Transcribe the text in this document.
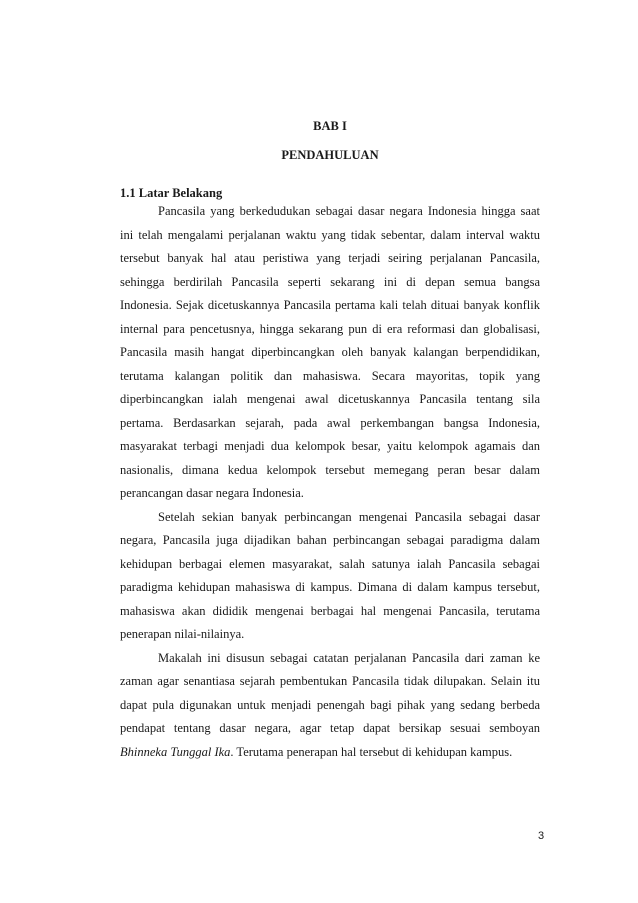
BAB I
PENDAHULUAN
1.1 Latar Belakang
Pancasila yang berkedudukan sebagai dasar negara Indonesia hingga saat
ini telah mengalami perjalanan waktu yang tidak sebentar, dalam interval waktu
tersebut banyak hal atau peristiwa yang terjadi seiring perjalanan Pancasila,
sehingga berdirilah Pancasila seperti sekarang ini di depan semua bangsa
Indonesia. Sejak dicetuskannya Pancasila pertama kali telah dituai banyak konflik
internal para pencetusnya, hingga sekarang pun di era reformasi dan globalisasi,
Pancasila masih hangat diperbincangkan oleh banyak kalangan berpendidikan,
terutama kalangan politik dan mahasiswa. Secara mayoritas, topik yang
diperbincangkan ialah mengenai awal dicetuskannya Pancasila tentang sila
pertama. Berdasarkan sejarah, pada awal perkembangan bangsa Indonesia,
masyarakat terbagi menjadi dua kelompok besar, yaitu kelompok agamais dan
nasionalis, dimana kedua kelompok tersebut memegang peran besar dalam
perancangan dasar negara Indonesia.
Setelah sekian banyak perbincangan mengenai Pancasila sebagai dasar
negara, Pancasila juga dijadikan bahan perbincangan sebagai paradigma dalam
kehidupan berbagai elemen masyarakat, salah satunya ialah Pancasila sebagai
paradigma kehidupan mahasiswa di kampus. Dimana di dalam kampus tersebut,
mahasiswa akan dididik mengenai berbagai hal mengenai Pancasila, terutama
penerapan nilai-nilainya.
Makalah ini disusun sebagai catatan perjalanan Pancasila dari zaman ke
zaman agar senantiasa sejarah pembentukan Pancasila tidak dilupakan. Selain itu
dapat pula digunakan untuk menjadi penengah bagi pihak yang sedang berbeda
pendapat tentang dasar negara, agar tetap dapat bersikap sesuai semboyan
Bhinneka Tunggal Ika. Terutama penerapan hal tersebut di kehidupan kampus.
3
